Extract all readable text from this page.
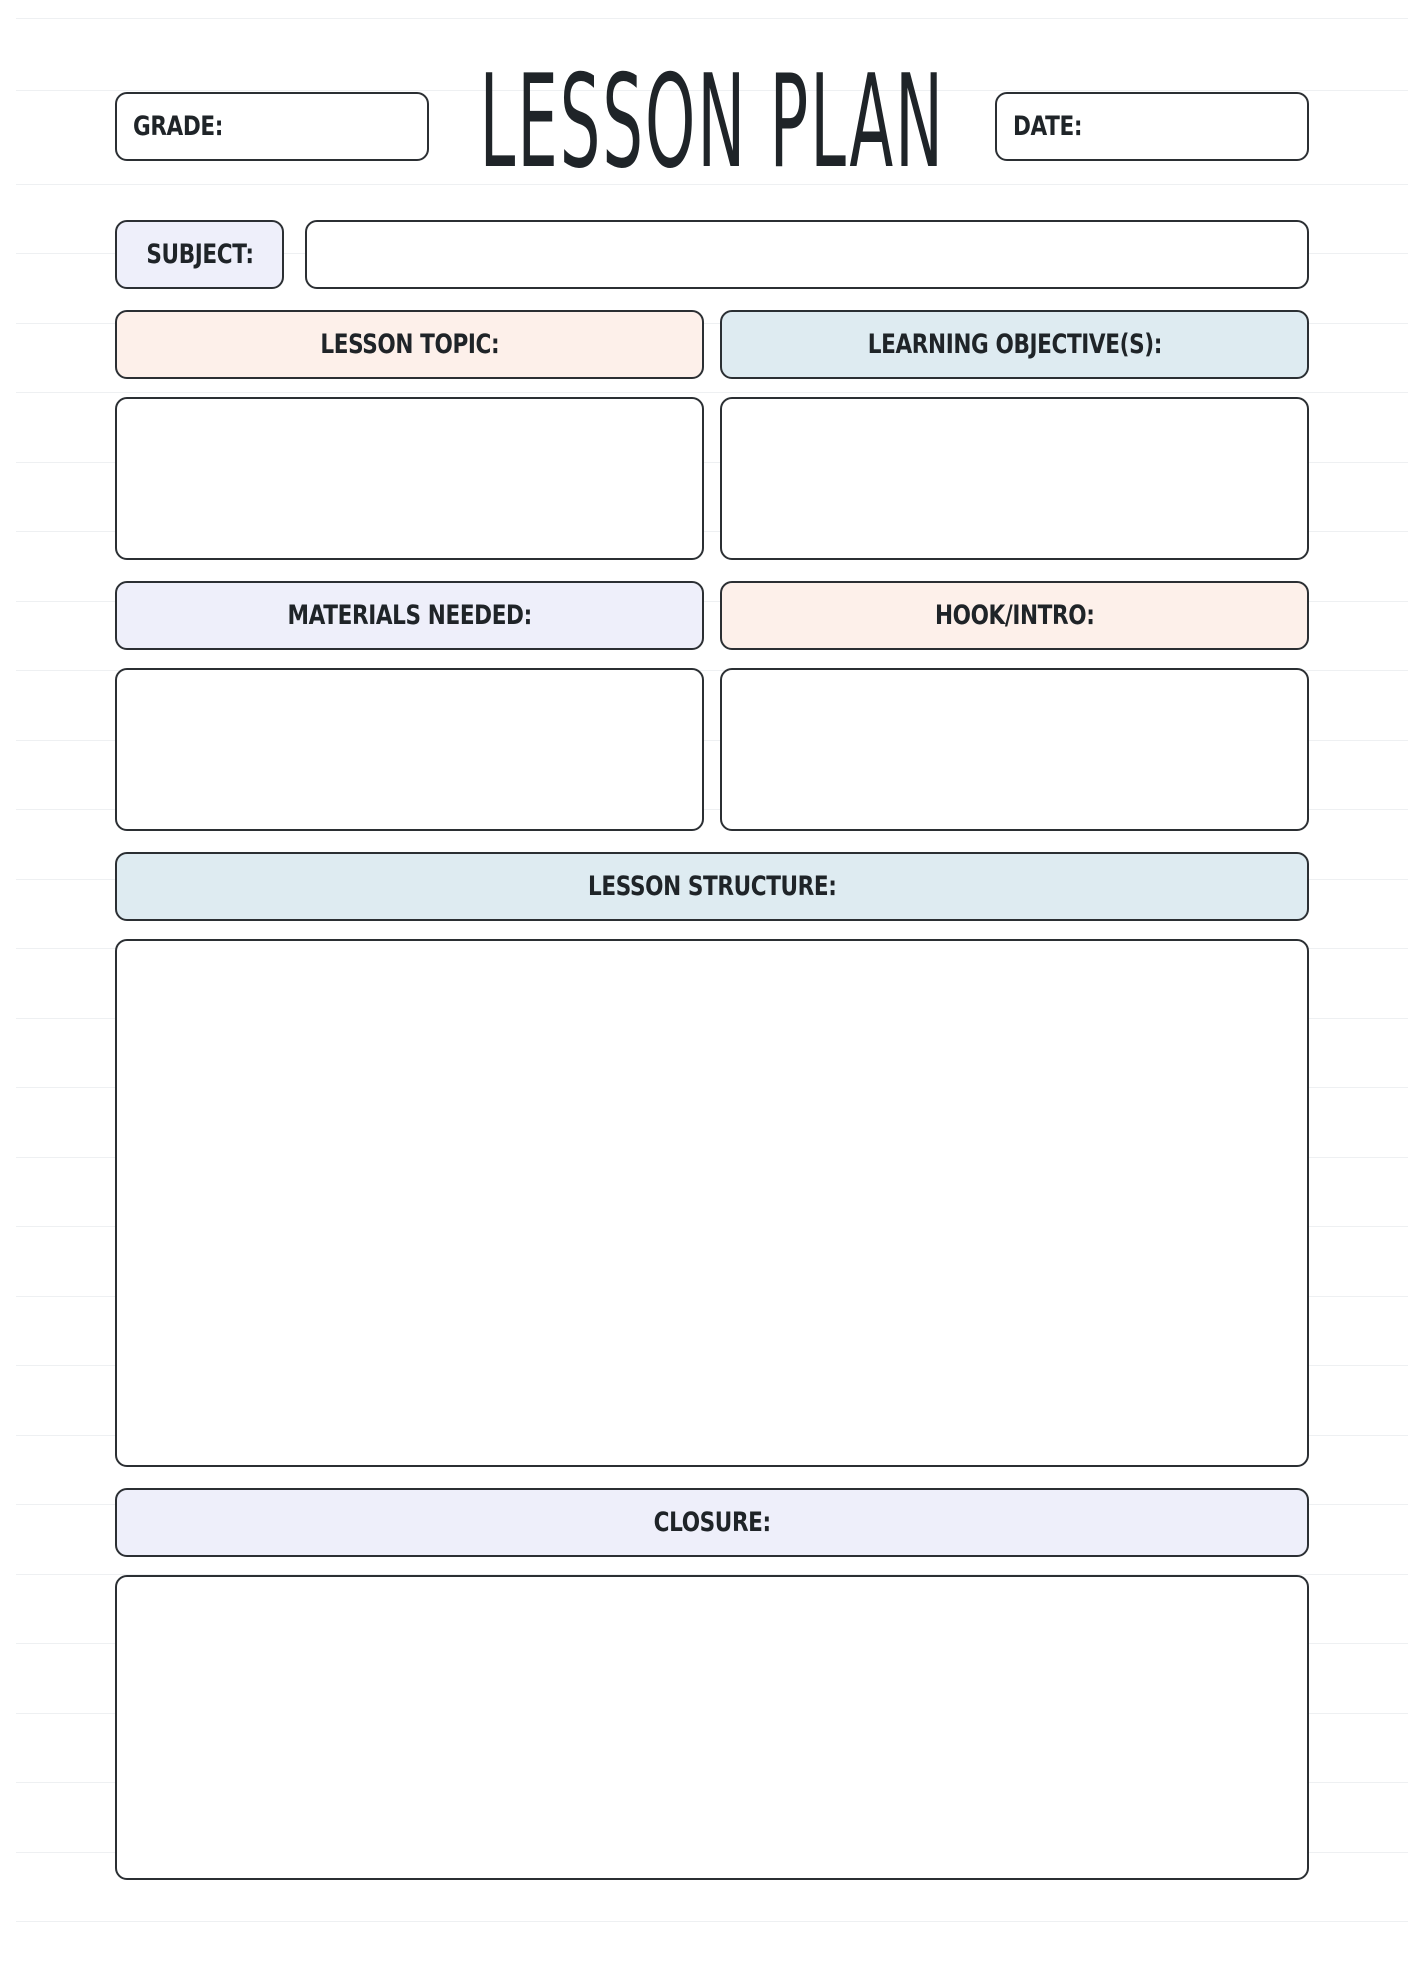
GRADE: LESSON PLAN	DATE:
SUBJECT:
LESSON TOPIC:	LEARNING OBJECTIVE(S):
MATERIALS NEEDED:	HOOK/INTRO:
LESSON STRUCTURE:
CLOSURE:
